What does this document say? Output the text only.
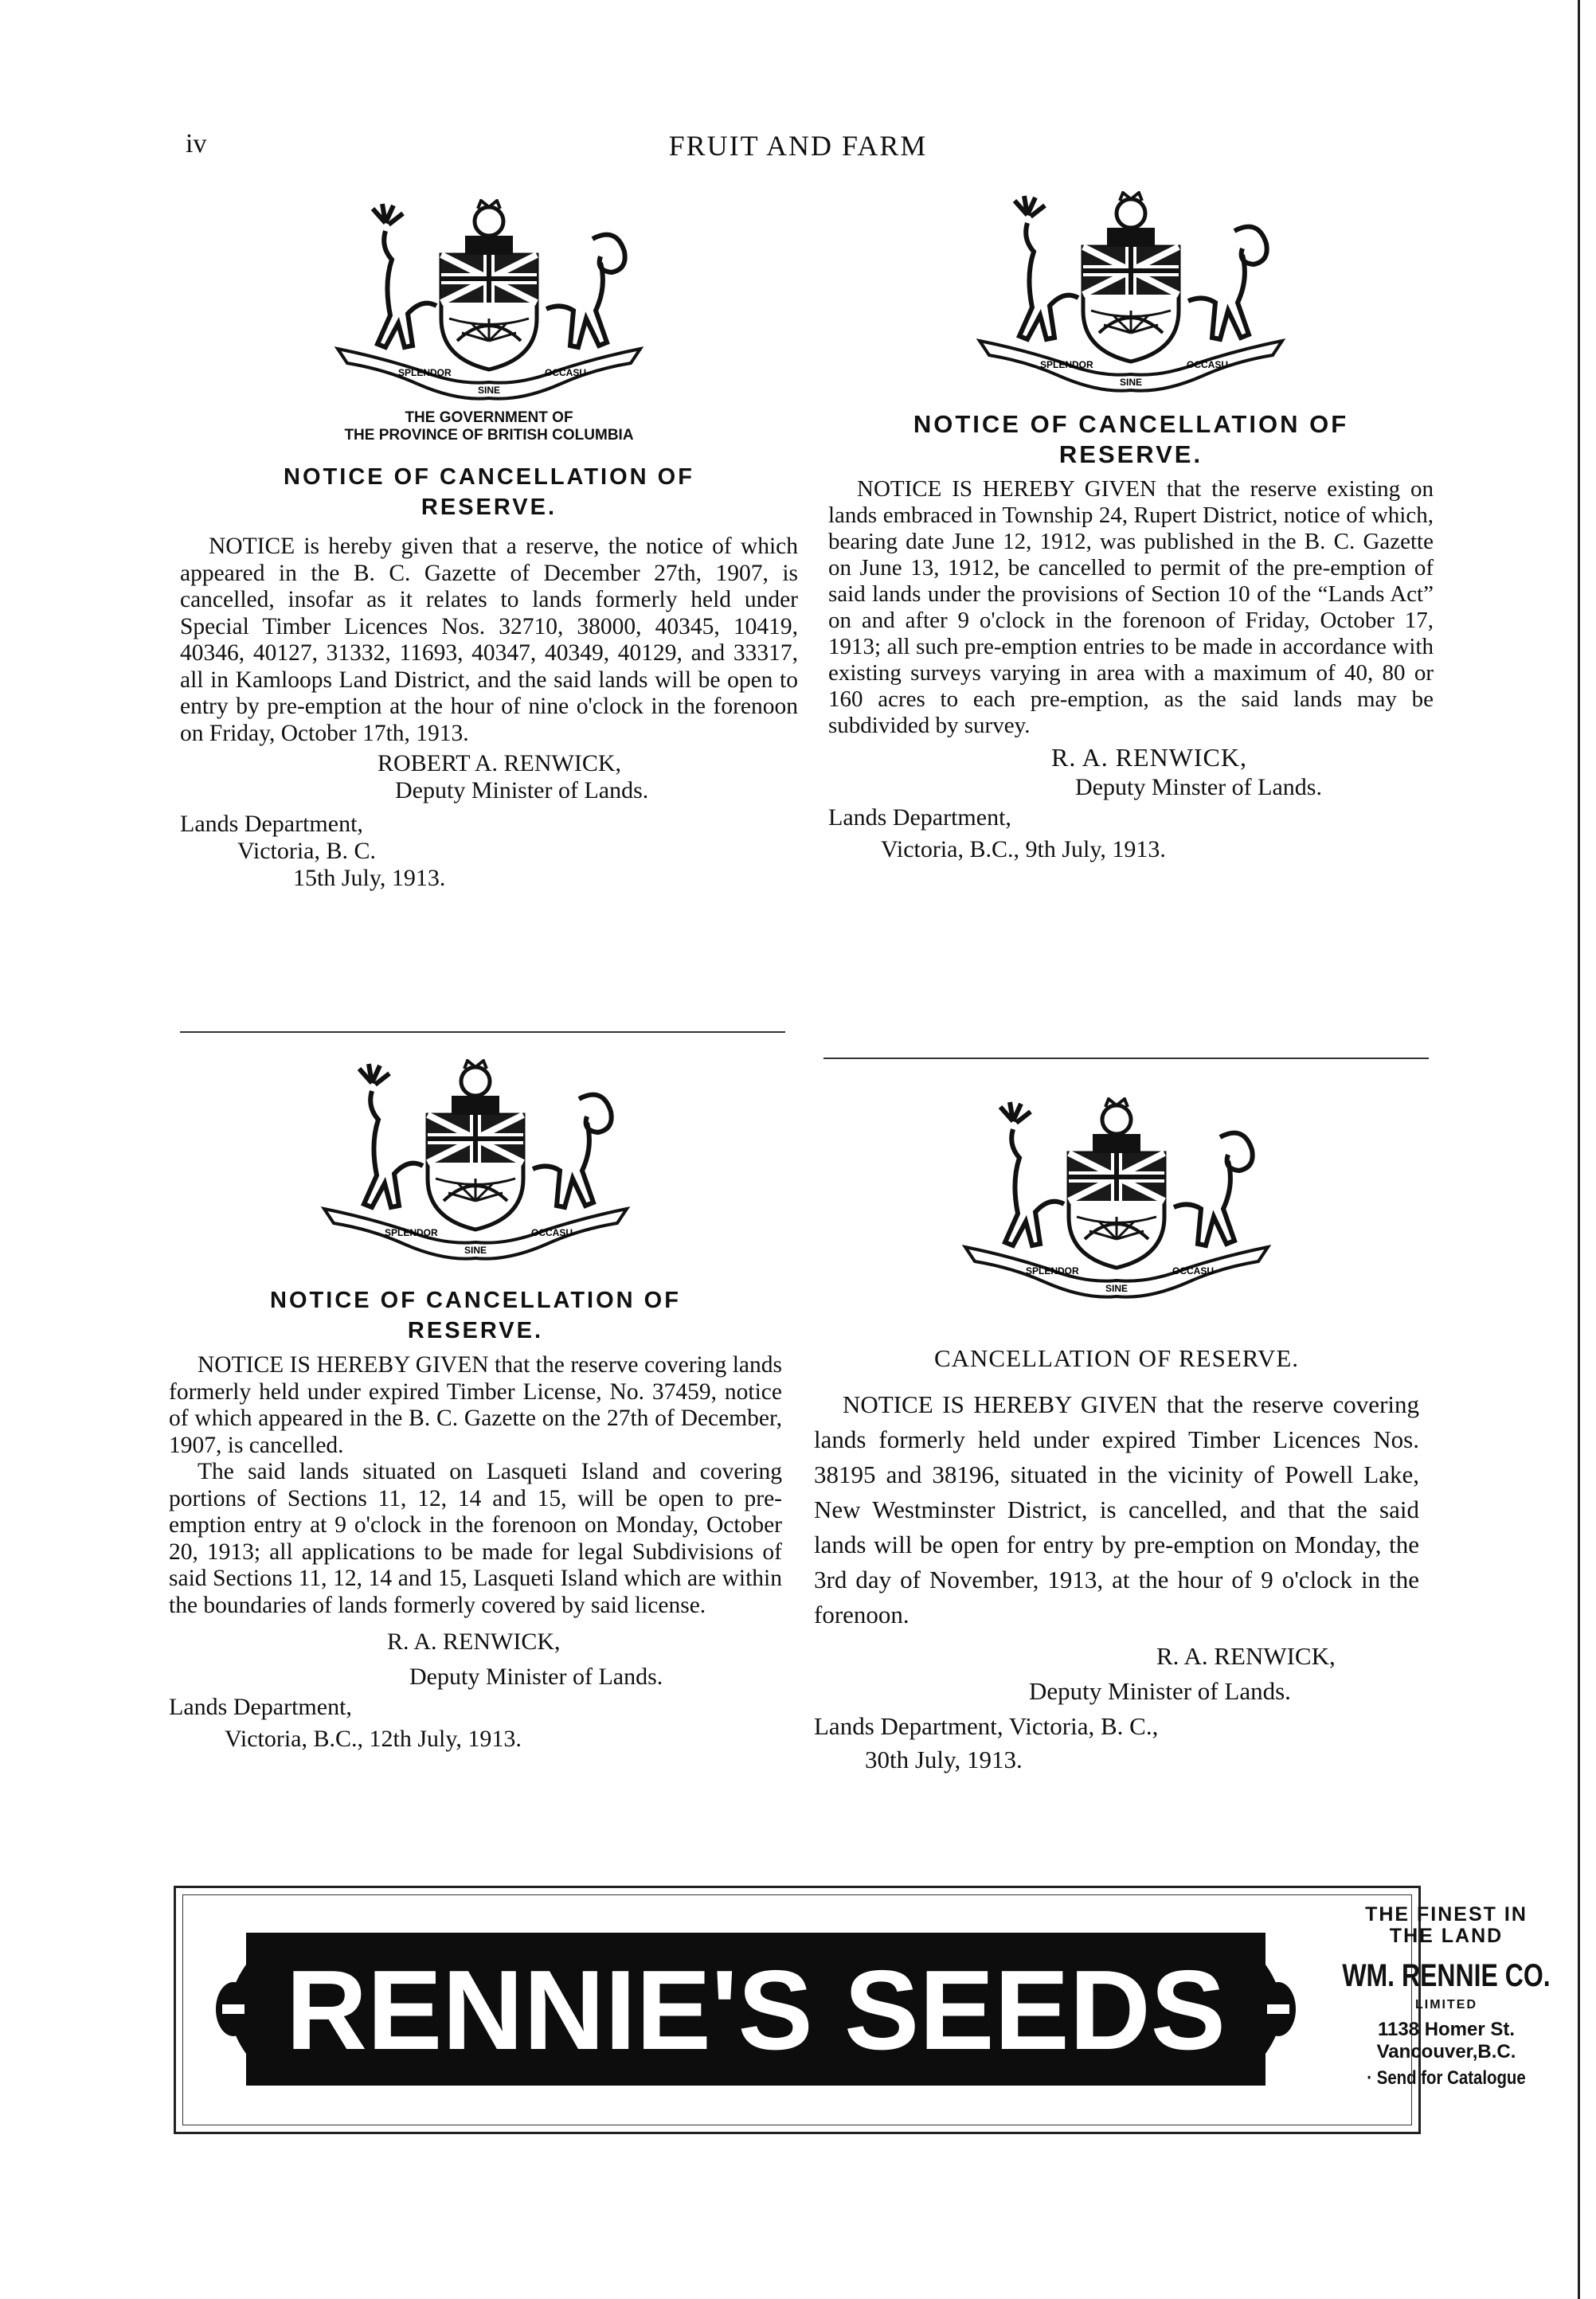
iv	FRUIT AND FARM
SPLENDOR
SINE
OCCASU
THE GOVERNMENT OF
THE PROVINCE OF BRITISH COLUMBIA
NOTICE OF CANCELLATION OF
RESERVE.

NOTICE is hereby given that a reserve, the notice of which appeared in the B. C. Gazette of December 27th, 1907, is cancelled, insofar as it relates to lands formerly held under Special Timber Licences Nos. 32710, 38000, 40345, 10419, 40346, 40127, 31332, 11693, 40347, 40349, 40129, and 33317, all in Kamloops Land District, and the said lands will be open to entry by pre-emption at the hour of nine o'clock in the forenoon on Friday, October 17th, 1913.

ROBERT A. RENWICK,
Deputy Minister of Lands.
Lands Department,
Victoria, B. C.
15th July, 1913.
SPLENDOR
SINE
OCCASU
NOTICE OF CANCELLATION OF
RESERVE.

NOTICE IS HEREBY GIVEN that the reserve existing on lands embraced in Township 24, Rupert District, notice of which, bearing date June 12, 1912, was published in the B. C. Gazette on June 13, 1912, be cancelled to permit of the pre-emption of said lands under the provisions of Section 10 of the “Lands Act” on and after 9 o'clock in the forenoon of Friday, October 17, 1913; all such pre-emption entries to be made in accordance with existing surveys varying in area with a maximum of 40, 80 or 160 acres to each pre-emption, as the said lands may be subdivided by survey.

R. A. RENWICK,
Deputy Minster of Lands.
Lands Department,
Victoria, B.C., 9th July, 1913.
SPLENDOR
SINE
OCCASU
NOTICE OF CANCELLATION OF
RESERVE.

NOTICE IS HEREBY GIVEN that the reserve covering lands formerly held under expired Timber License, No. 37459, notice of which appeared in the B. C. Gazette on the 27th of December, 1907, is cancelled.

The said lands situated on Lasqueti Island and covering portions of Sections 11, 12, 14 and 15, will be open to pre-emption entry at 9 o'clock in the forenoon on Monday, October 20, 1913; all applications to be made for legal Subdivisions of said Sections 11, 12, 14 and 15, Lasqueti Island which are within the boundaries of lands formerly covered by said license.

R. A. RENWICK,
Deputy Minister of Lands.
Lands Department,
Victoria, B.C., 12th July, 1913.
SPLENDOR
SINE
OCCASU
CANCELLATION OF RESERVE.

NOTICE IS HEREBY GIVEN that the reserve covering lands formerly held under expired Timber Licences Nos. 38195 and 38196, situated in the vicinity of Powell Lake, New Westminster District, is cancelled, and that the said lands will be open for entry by pre-emption on Monday, the 3rd day of November, 1913, at the hour of 9 o'clock in the forenoon.

R. A. RENWICK,
Deputy Minister of Lands.
Lands Department, Victoria, B. C.,
30th July, 1913.
RENNIE'S SEEDS
THE FINEST IN
THE LAND
WM. RENNIE CO.
LIMITED
1138 Homer St.
Vancouver,B.C.
· Send for Catalogue
